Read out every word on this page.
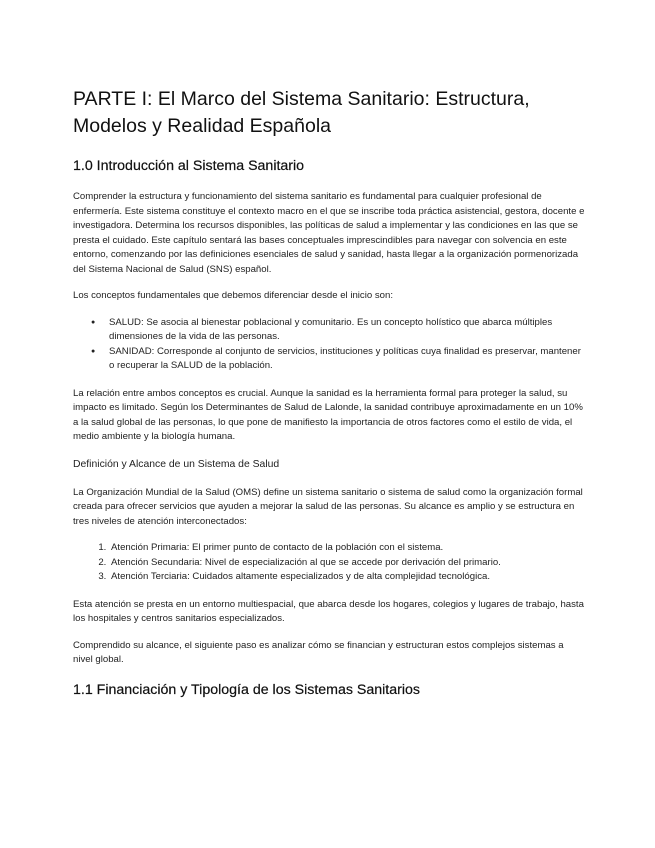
PARTE I: El Marco del Sistema Sanitario: Estructura, Modelos y Realidad Española
1.0 Introducción al Sistema Sanitario

Comprender la estructura y funcionamiento del sistema sanitario es fundamental para cualquier profesional de enfermería. Este sistema constituye el contexto macro en el que se inscribe toda práctica asistencial, gestora, docente e investigadora. Determina los recursos disponibles, las políticas de salud a implementar y las condiciones en las que se presta el cuidado. Este capítulo sentará las bases conceptuales imprescindibles para navegar con solvencia en este entorno, comenzando por las definiciones esenciales de salud y sanidad, hasta llegar a la organización pormenorizada del Sistema Nacional de Salud (SNS) español.

Los conceptos fundamentales que debemos diferenciar desde el inicio son:

● SALUD: Se asocia al bienestar poblacional y comunitario. Es un concepto holístico que abarca múltiples dimensiones de la vida de las personas.
● SANIDAD: Corresponde al conjunto de servicios, instituciones y políticas cuya finalidad es preservar, mantener o recuperar la SALUD de la población.

La relación entre ambos conceptos es crucial. Aunque la sanidad es la herramienta formal para proteger la salud, su impacto es limitado. Según los Determinantes de Salud de Lalonde, la sanidad contribuye aproximadamente en un 10% a la salud global de las personas, lo que pone de manifiesto la importancia de otros factores como el estilo de vida, el medio ambiente y la biología humana.

Definición y Alcance de un Sistema de Salud

La Organización Mundial de la Salud (OMS) define un sistema sanitario o sistema de salud como la organización formal creada para ofrecer servicios que ayuden a mejorar la salud de las personas. Su alcance es amplio y se estructura en tres niveles de atención interconectados:

1. Atención Primaria: El primer punto de contacto de la población con el sistema.
2. Atención Secundaria: Nivel de especialización al que se accede por derivación del primario.
3. Atención Terciaria: Cuidados altamente especializados y de alta complejidad tecnológica.

Esta atención se presta en un entorno multiespacial, que abarca desde los hogares, colegios y lugares de trabajo, hasta los hospitales y centros sanitarios especializados.

Comprendido su alcance, el siguiente paso es analizar cómo se financian y estructuran estos complejos sistemas a nivel global.

1.1 Financiación y Tipología de los Sistemas Sanitarios
